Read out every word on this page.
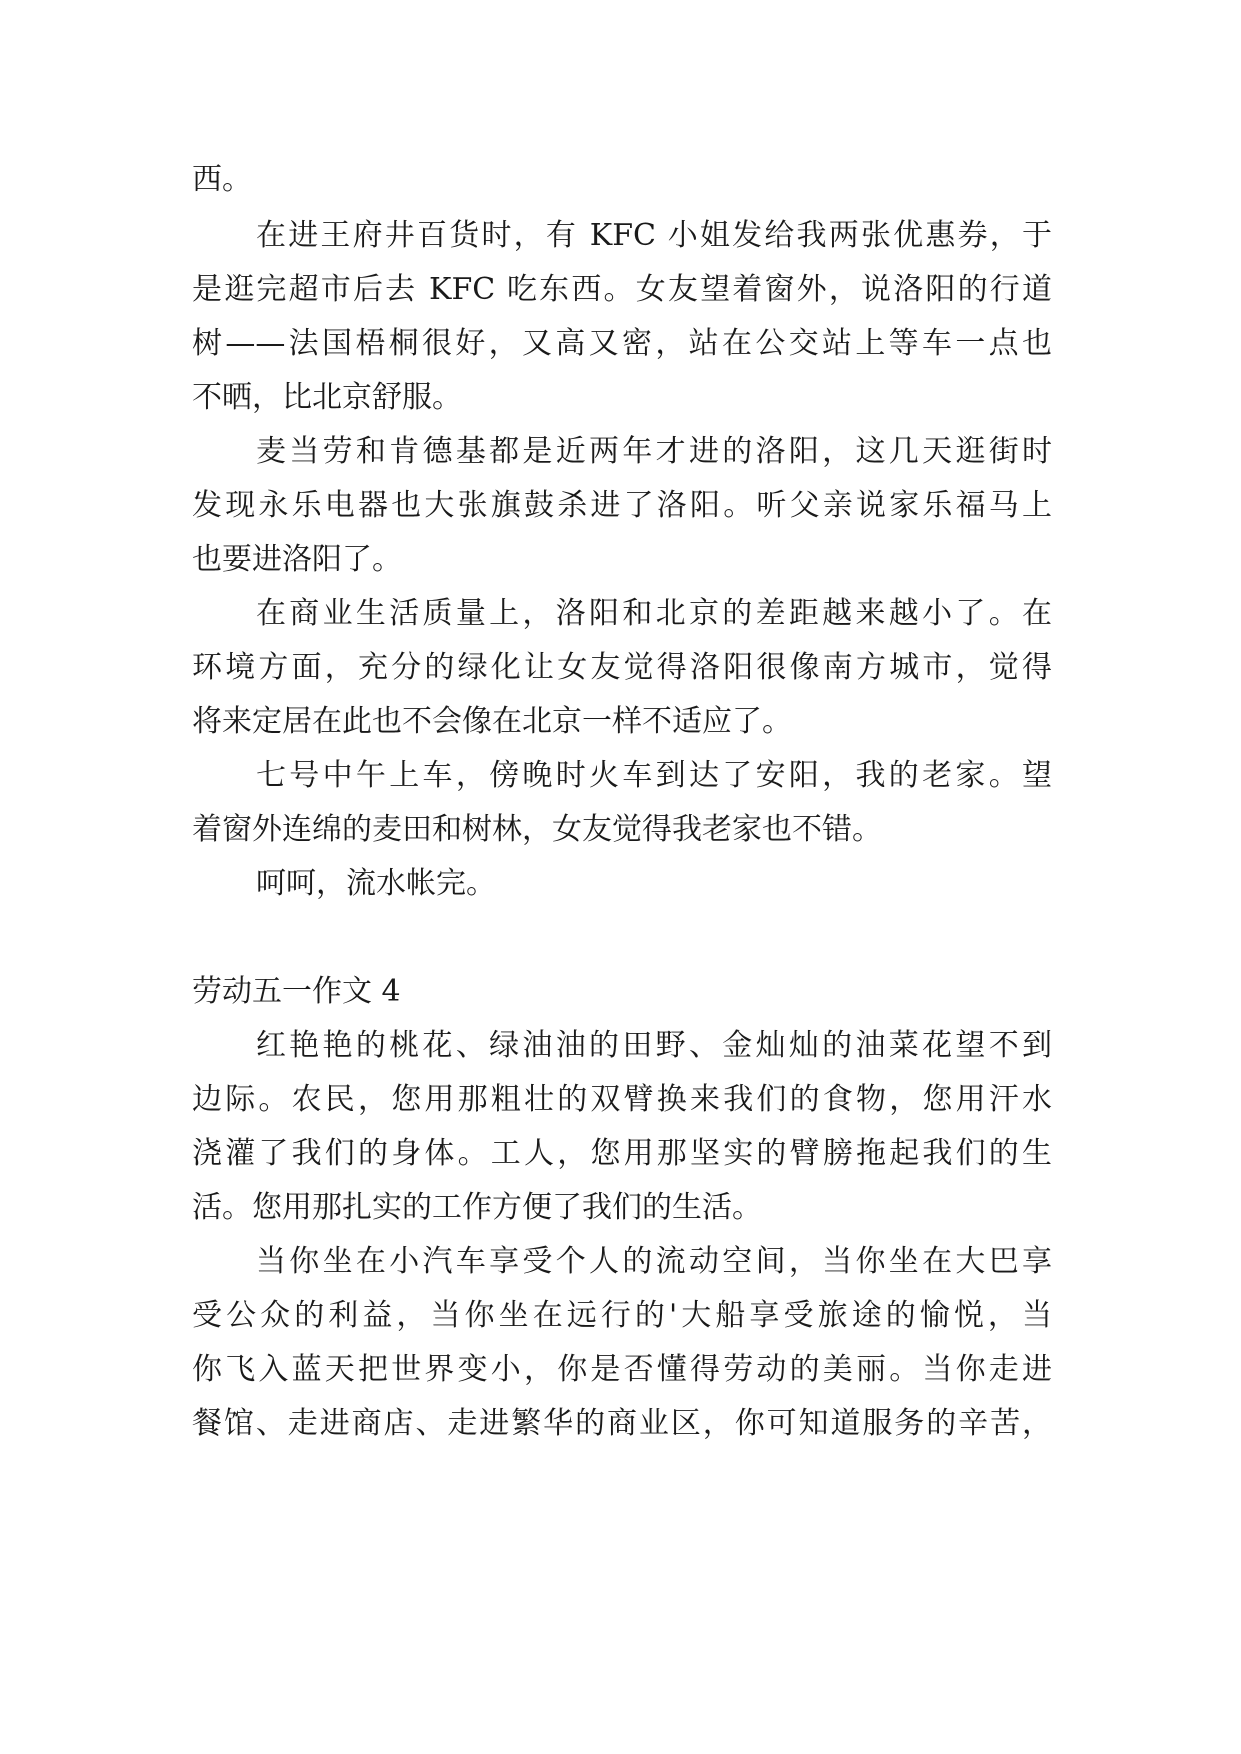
西。
在进王府井百货时，有 KFC 小姐发给我两张优惠券，于
是逛完超市后去 KFC 吃东西。女友望着窗外，说洛阳的行道
树——法国梧桐很好，又高又密，站在公交站上等车一点也
不晒，比北京舒服。
麦当劳和肯德基都是近两年才进的洛阳，这几天逛街时
发现永乐电器也大张旗鼓杀进了洛阳。听父亲说家乐福马上
也要进洛阳了。
在商业生活质量上，洛阳和北京的差距越来越小了。在
环境方面，充分的绿化让女友觉得洛阳很像南方城市，觉得
将来定居在此也不会像在北京一样不适应了。
七号中午上车，傍晚时火车到达了安阳，我的老家。望
着窗外连绵的麦田和树林，女友觉得我老家也不错。
呵呵，流水帐完。
劳动五一作文 4
红艳艳的桃花、绿油油的田野、金灿灿的油菜花望不到
边际。农民，您用那粗壮的双臂换来我们的食物，您用汗水
浇灌了我们的身体。工人，您用那坚实的臂膀拖起我们的生
活。您用那扎实的工作方便了我们的生活。
当你坐在小汽车享受个人的流动空间，当你坐在大巴享
受公众的利益，当你坐在远行的'大船享受旅途的愉悦，当
你飞入蓝天把世界变小，你是否懂得劳动的美丽。当你走进
餐馆、走进商店、走进繁华的商业区，你可知道服务的辛苦，
